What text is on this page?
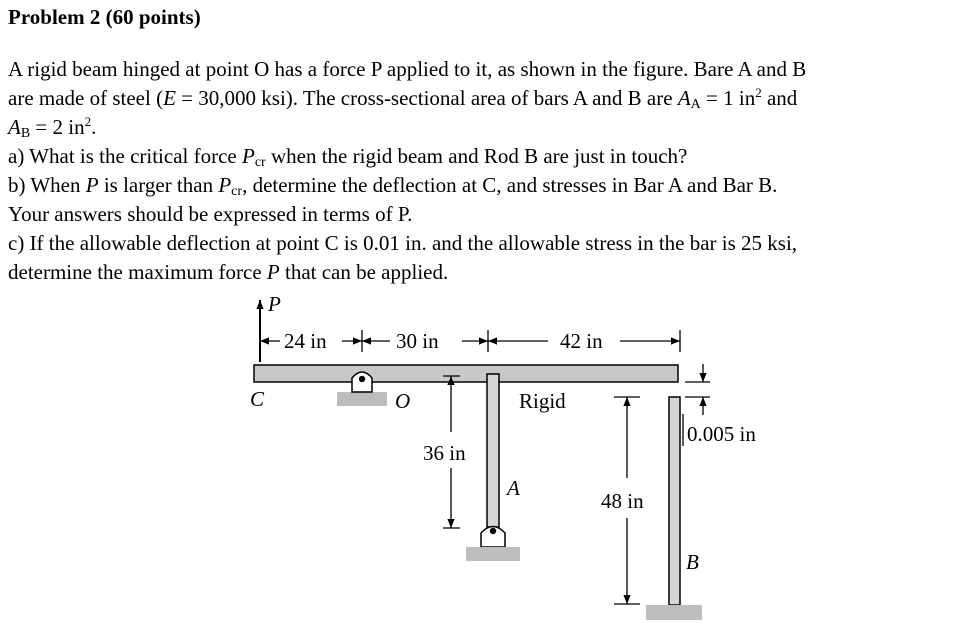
Problem 2 (60 points)
A rigid beam hinged at point O has a force P applied to it, as shown in the figure. Bare A and B
are made of steel (E = 30,000 ksi). The cross-sectional area of bars A and B are $A_A = 1$ $in^2$ and
$A_B = 2$ $in^2$.
a) What is the critical force $P_{cr}$ when the rigid beam and Rod B are just in touch?
b) When P is larger than $P_{cr}$, determine the deflection at C, and stresses in Bar A and Bar B.
Your answers should be expressed in terms of P.
c) If the allowable deflection at point C is 0.01 in. and the allowable stress in the bar is 25 ksi,
determine the maximum force P that can be applied.
P
24 in	30 in	42 in
C	O	Rigid
A
36 in
B
48 in
0.005 in
